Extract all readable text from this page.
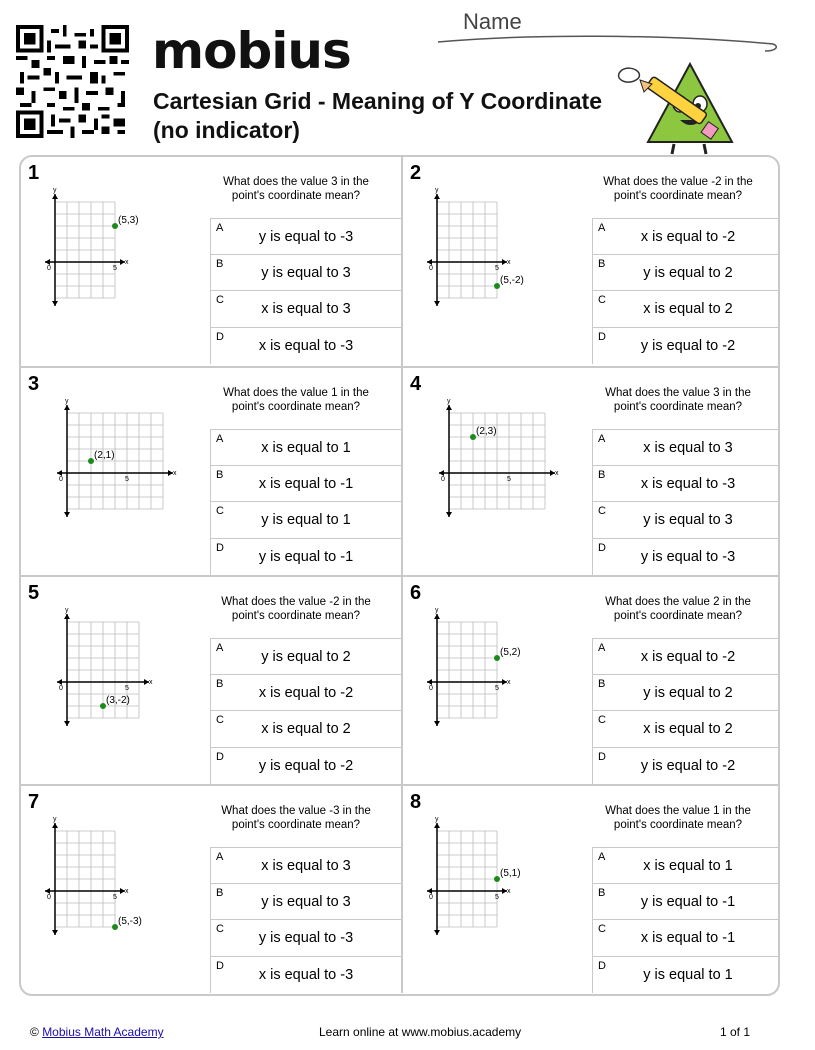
mobius
Cartesian Grid - Meaning of Y Coordinate
(no indicator)
Name
1	What does the value 3 in the point's coordinate mean?
x
y
0	5
(5,3)
A
y is equal to -3
B
y is equal to 3
C
x is equal to 3
D
x is equal to -3
2	What does the value -2 in the point's coordinate mean?
x
y
0	5
(5,-2)
A
x is equal to -2
B
y is equal to 2
C
x is equal to 2
D
y is equal to -2
3	What does the value 1 in the point's coordinate mean?
x
y
0	5
(2,1)
A
x is equal to 1
B
x is equal to -1
C
y is equal to 1
D
y is equal to -1
4	What does the value 3 in the point's coordinate mean?
x
y
0	5
(2,3)
A
x is equal to 3
B
x is equal to -3
C
y is equal to 3
D
y is equal to -3
5	What does the value -2 in the point's coordinate mean?
x
y
0	5
(3,-2)
A
y is equal to 2
B
x is equal to -2
C
x is equal to 2
D
y is equal to -2
6	What does the value 2 in the point's coordinate mean?
x
y
0	5
(5,2)	A
x is equal to -2
B
y is equal to 2
C
x is equal to 2
D
y is equal to -2
7	What does the value -3 in the point's coordinate mean?
x
y
0	5
(5,-3)
A
x is equal to 3
B
y is equal to 3
C
y is equal to -3
D
x is equal to -3
8	What does the value 1 in the point's coordinate mean?
x
y
0	5
(5,1)
A
x is equal to 1
B
y is equal to -1
C
x is equal to -1
D
y is equal to 1
© Mobius Math Academy	Learn online at www.mobius.academy	1 of 1
